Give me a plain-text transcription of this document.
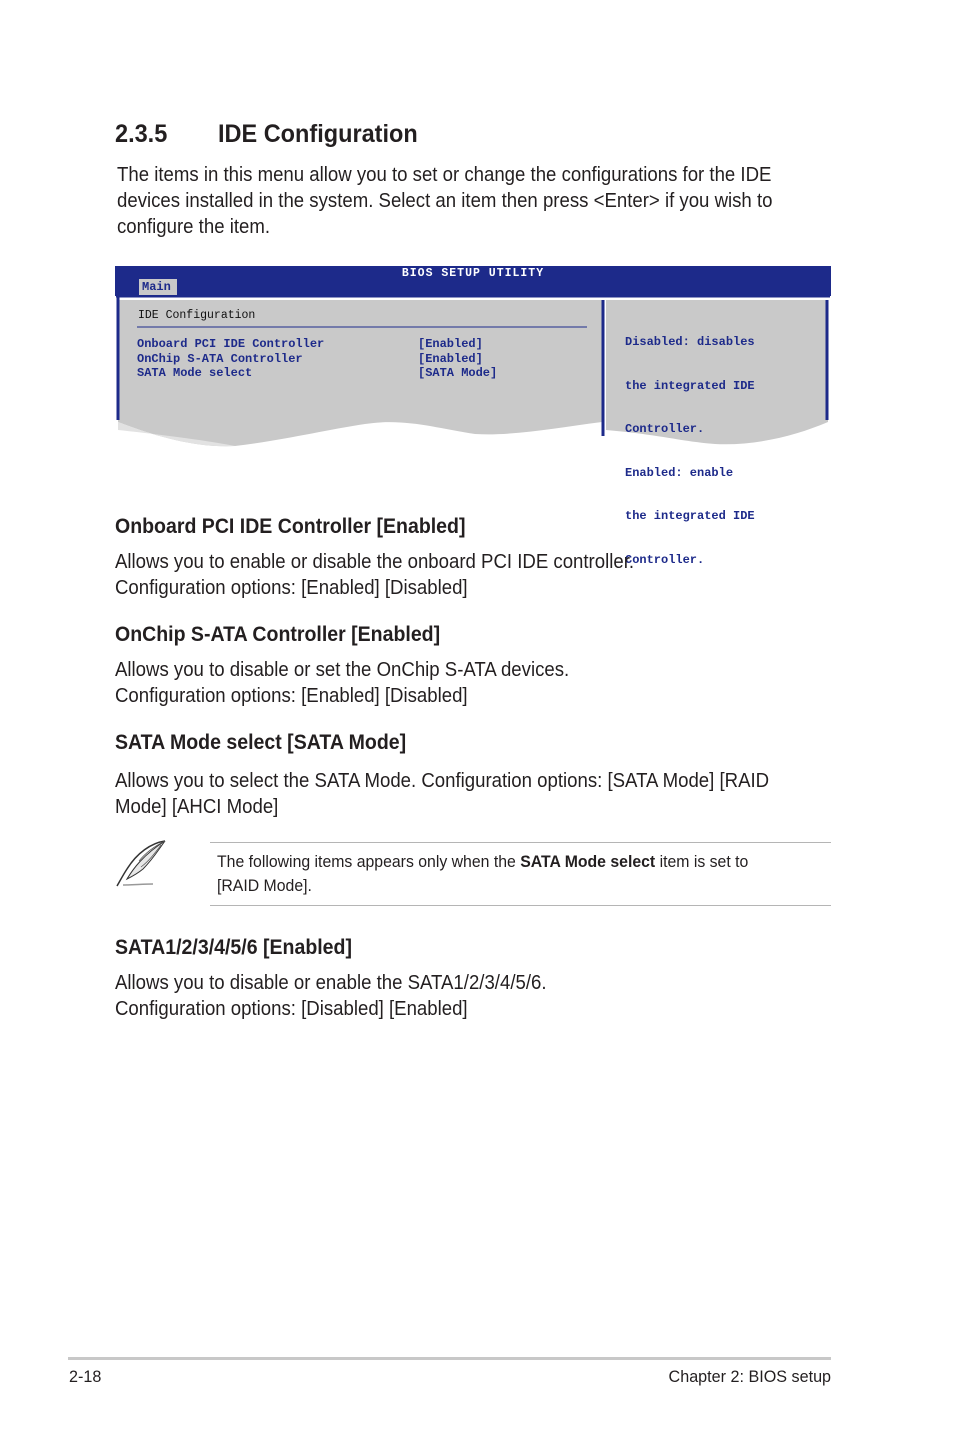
2.3.5 IDE Configuration
The items in this menu allow you to set or change the configurations for the IDE
devices installed in the system. Select an item then press <Enter> if you wish to
configure the item.
BIOS SETUP UTILITY
Main
IDE Configuration
Onboard PCI IDE Controller	[Enabled]
OnChip S-ATA Controller	[Enabled]
SATA Mode select	[SATA Mode]

Disabled: disables

the integrated IDE

Controller.

Enabled: enable

the integrated IDE

Controller.

Onboard PCI IDE Controller [Enabled]
Allows you to enable or disable the onboard PCI IDE controller.
Configuration options: [Enabled] [Disabled]
OnChip S-ATA Controller [Enabled]
Allows you to disable or set the OnChip S-ATA devices.
Configuration options: [Enabled] [Disabled]
SATA Mode select [SATA Mode]
Allows you to select the SATA Mode. Configuration options: [SATA Mode] [RAID
Mode] [AHCI Mode]
The following items appears only when the SATA Mode select item is set to
[RAID Mode].
SATA1/2/3/4/5/6 [Enabled]
Allows you to disable or enable the SATA1/2/3/4/5/6.
Configuration options: [Disabled] [Enabled]
2-18	Chapter 2: BIOS setup
